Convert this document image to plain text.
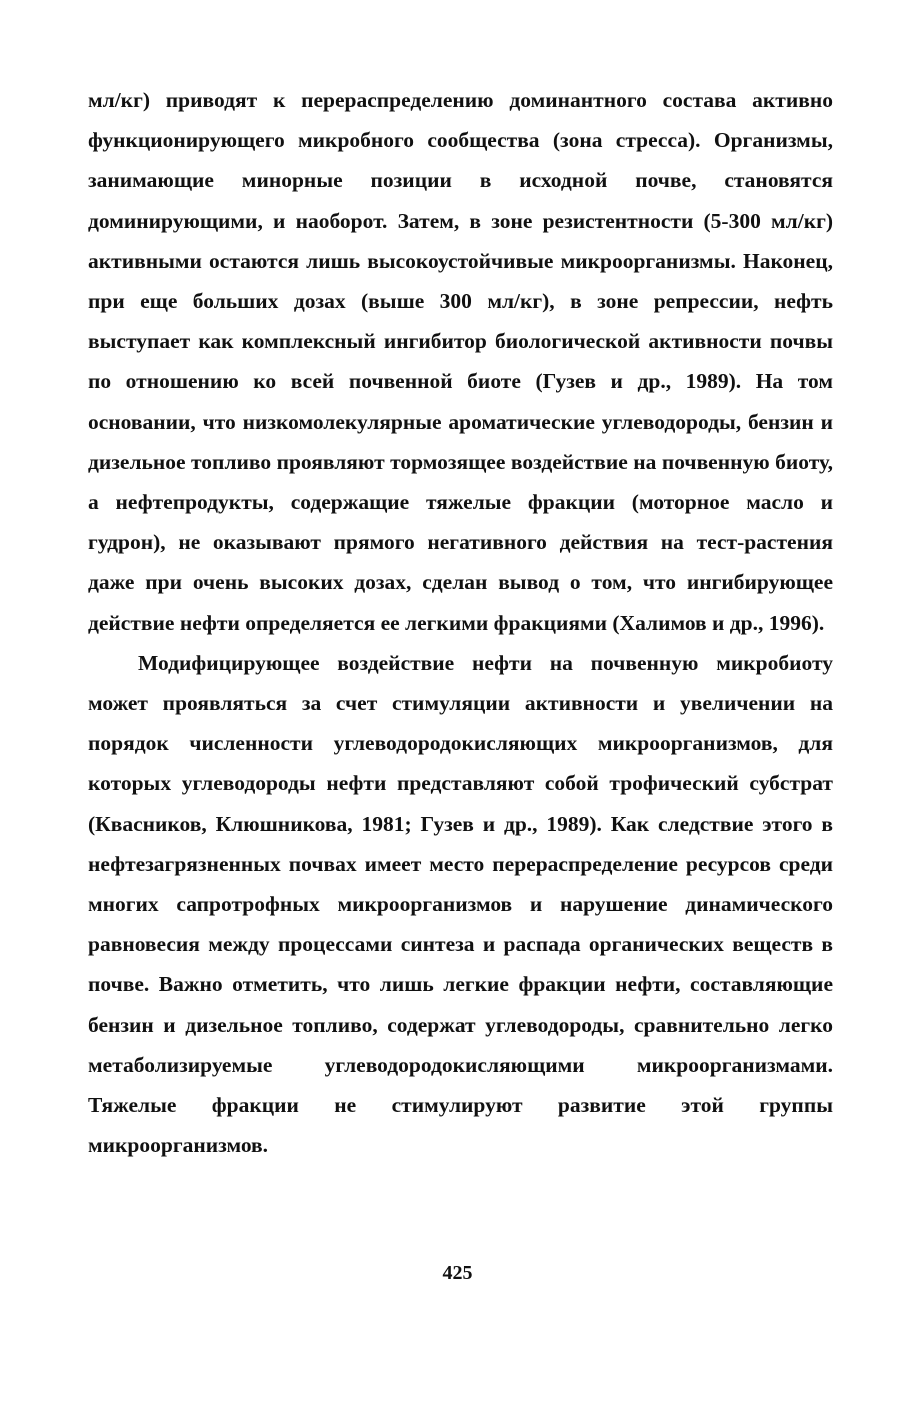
мл/кг) приводят к перераспределению доминантного состава активно функционирующего микробного сообщества (зона стресса). Организмы, занимающие минорные позиции в исходной почве, становятся доминирующими, и наоборот. Затем, в зоне резистентности (5-300 мл/кг) активными остаются лишь высокоустойчивые микроорганизмы. Наконец, при еще больших дозах (выше 300 мл/кг), в зоне репрессии, нефть выступает как комплексный ингибитор биологической активности почвы по отношению ко всей почвенной биоте (Гузев и др., 1989). На том основании, что низкомолекулярные ароматические углеводороды, бензин и дизельное топливо проявляют тормозящее воздействие на почвенную биоту, а нефтепродукты, содержащие тяжелые фракции (моторное масло и гудрон), не оказывают прямого негативного действия на тест-растения даже при очень высоких дозах, сделан вывод о том, что ингибирующее действие нефти определяется ее легкими фракциями (Халимов и др., 1996).

Модифицирующее воздействие нефти на почвенную микробиоту может проявляться за счет стимуляции активности и увеличении на порядок численности углеводородокисляющих микроорганизмов, для которых углеводороды нефти представляют собой трофический субстрат (Квасников, Клюшникова, 1981; Гузев и др., 1989). Как следствие этого в нефтезагрязненных почвах имеет место перераспределение ресурсов среди многих сапротрофных микроорганизмов и нарушение динамического равновесия между процессами синтеза и распада органических веществ в почве. Важно отметить, что лишь легкие фракции нефти, составляющие бензин и дизельное топливо, содержат углеводороды, сравнительно легко метаболизируемые углеводородокисляющими микроорганизмами. Тяжелые фракции не стимулируют развитие этой группы микроорганизмов.

425
